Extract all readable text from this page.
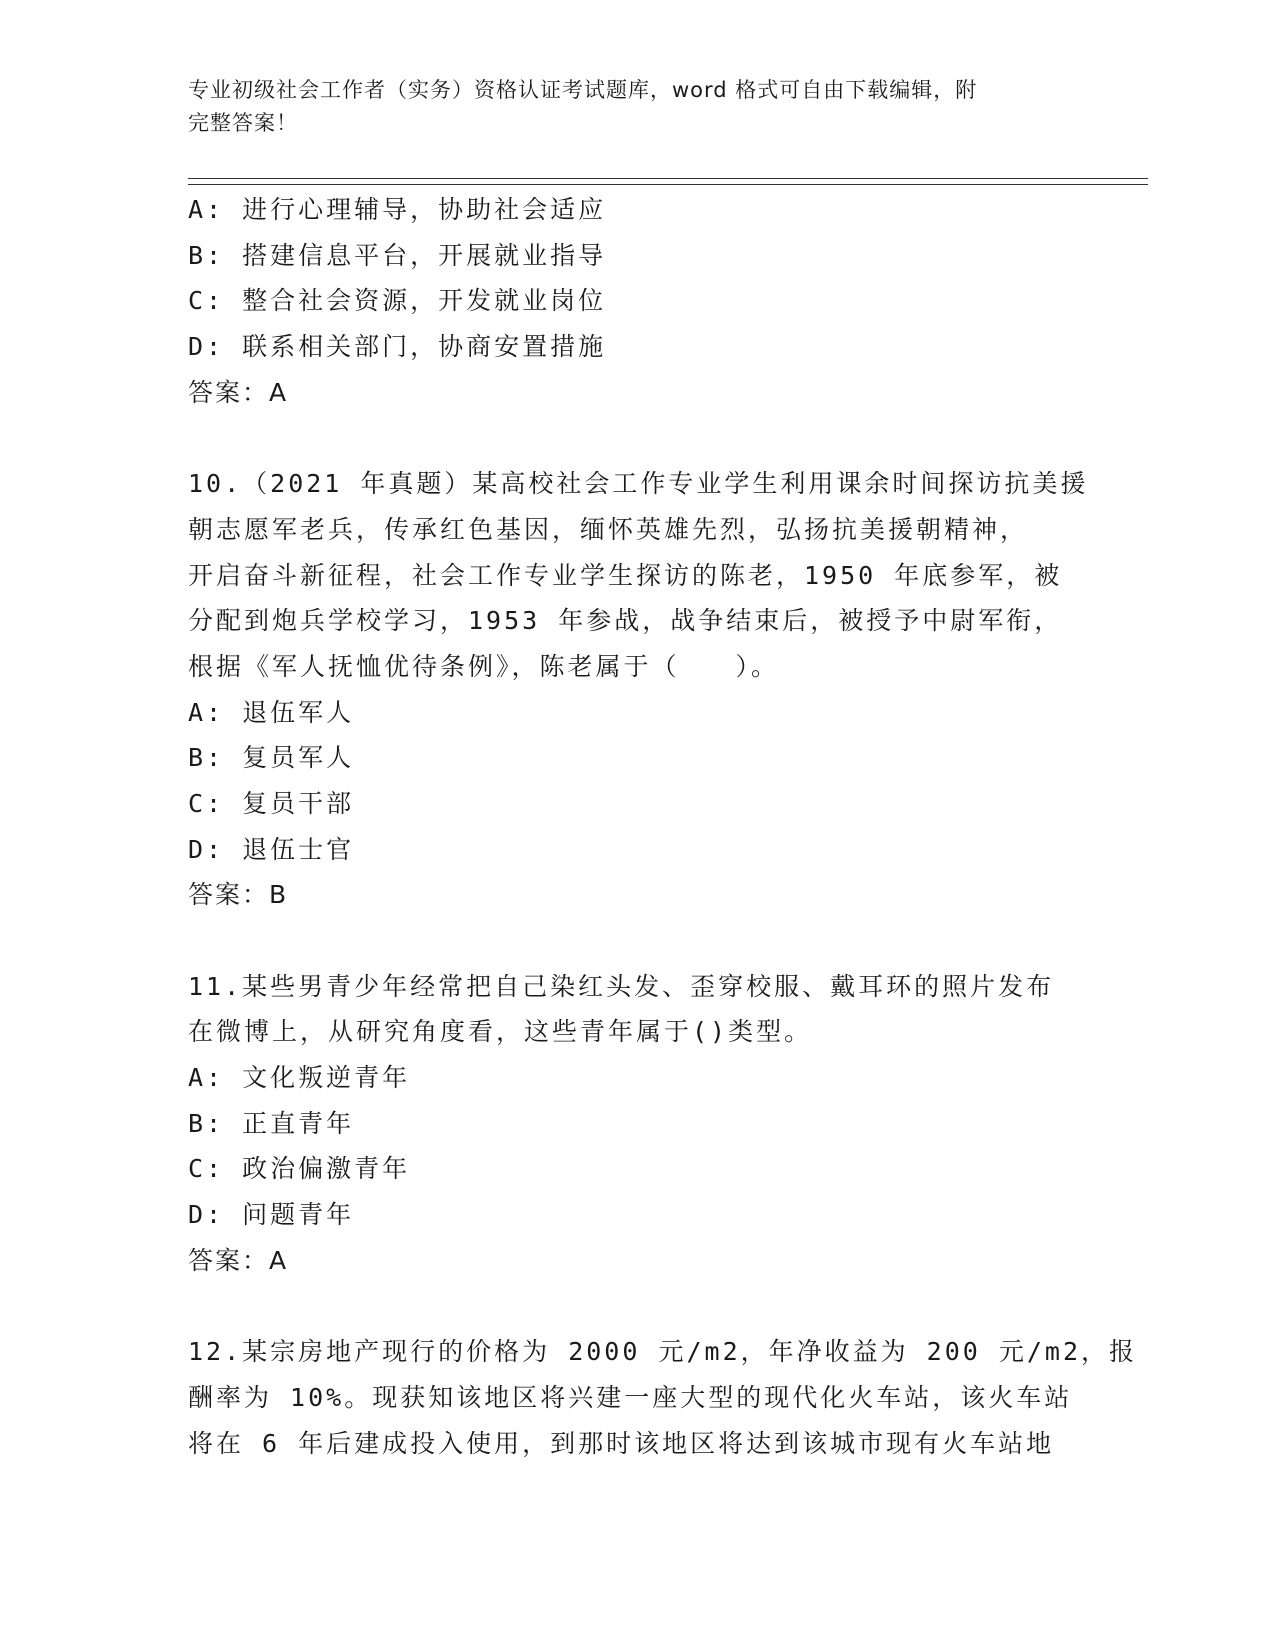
专业初级社会工作者（实务）资格认证考试题库，word 格式可自由下载编辑，附
完整答案！
A: 进行心理辅导，协助社会适应
B: 搭建信息平台，开展就业指导
C: 整合社会资源，开发就业岗位
D: 联系相关部门，协商安置措施
答案：A
10.（2021 年真题）某高校社会工作专业学生利用课余时间探访抗美援
朝志愿军老兵，传承红色基因，缅怀英雄先烈，弘扬抗美援朝精神，
开启奋斗新征程，社会工作专业学生探访的陈老，1950 年底参军，被
分配到炮兵学校学习，1953 年参战，战争结束后，被授予中尉军衔，
根据《军人抚恤优待条例》，陈老属于（　　）。
A: 退伍军人
B: 复员军人
C: 复员干部
D: 退伍士官
答案：B
11.某些男青少年经常把自己染红头发、歪穿校服、戴耳环的照片发布
在微博上，从研究角度看，这些青年属于()类型。
A: 文化叛逆青年
B: 正直青年
C: 政治偏激青年
D: 问题青年
答案：A
12.某宗房地产现行的价格为 2000 元/m2，年净收益为 200 元/m2，报
酬率为 10%。现获知该地区将兴建一座大型的现代化火车站，该火车站
将在 6 年后建成投入使用，到那时该地区将达到该城市现有火车站地
